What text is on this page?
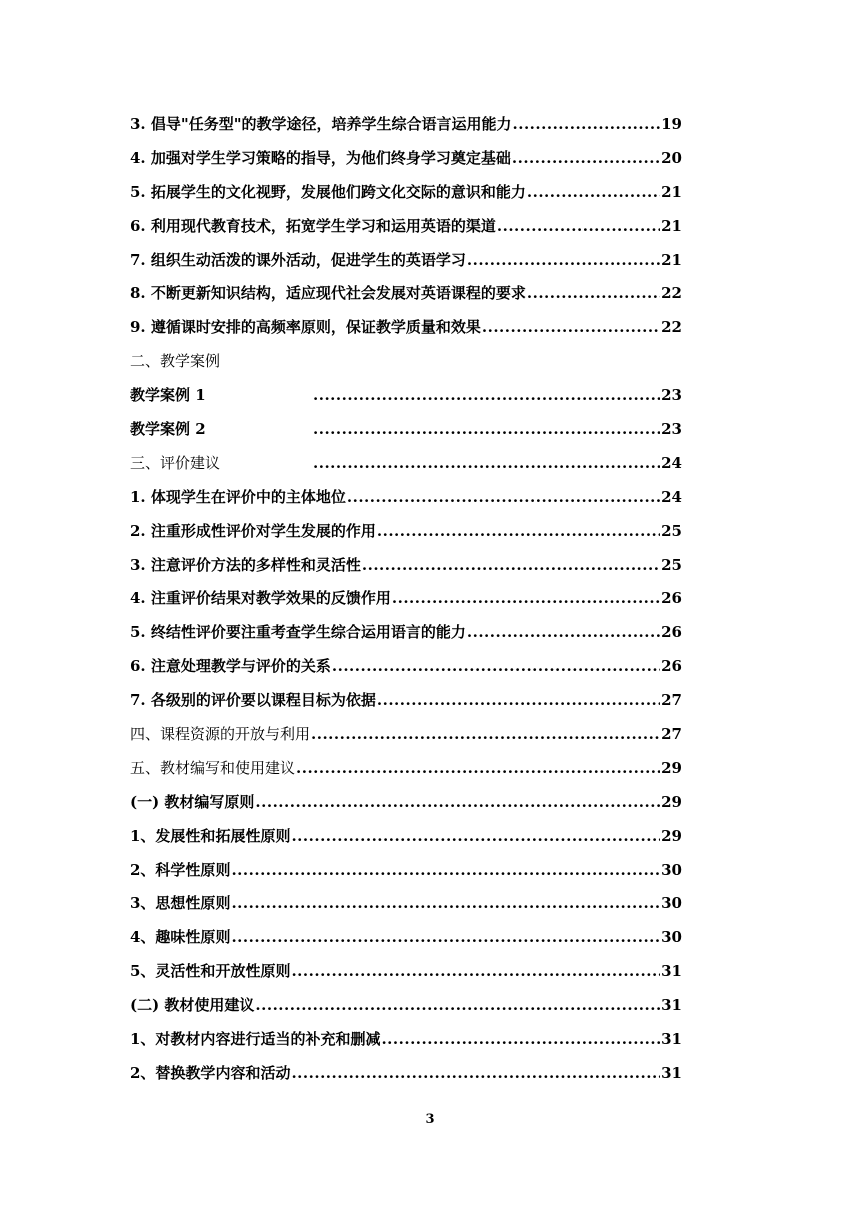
3. 倡导"任务型"的教学途径，培养学生综合语言运用能力 .....	19
4. 加强对学生学习策略的指导，为他们终身学习奠定基础 .....	20
5. 拓展学生的文化视野，发展他们跨文化交际的意识和能力 .....	21
6. 利用现代教育技术，拓宽学生学习和运用英语的渠道 .....	21
7. 组织生动活泼的课外活动，促进学生的英语学习 .....	21
8. 不断更新知识结构，适应现代社会发展对英语课程的要求 .....	22
9. 遵循课时安排的高频率原则，保证教学质量和效果 .....	22
二、教学案例
教学案例 1 .....	23
教学案例 2 .....	23
三、评价建议 .....	24
1. 体现学生在评价中的主体地位 .....	24
2. 注重形成性评价对学生发展的作用 .....	25
3. 注意评价方法的多样性和灵活性 .....	25
4. 注重评价结果对教学效果的反馈作用 .....	26
5. 终结性评价要注重考查学生综合运用语言的能力 .....	26
6. 注意处理教学与评价的关系 .....	26
7. 各级别的评价要以课程目标为依据 .....	27
四、课程资源的开放与利用 .....	27
五、教材编写和使用建议 .....	29
(一) 教材编写原则 .....	29
1、发展性和拓展性原则 .....	29
2、科学性原则 .....	30
3、思想性原则 .....	30
4、趣味性原则 .....	30
5、灵活性和开放性原则 .....	31
(二) 教材使用建议 .....	31
1、对教材内容进行适当的补充和删减 .....	31
2、替换教学内容和活动 .....	31
3
